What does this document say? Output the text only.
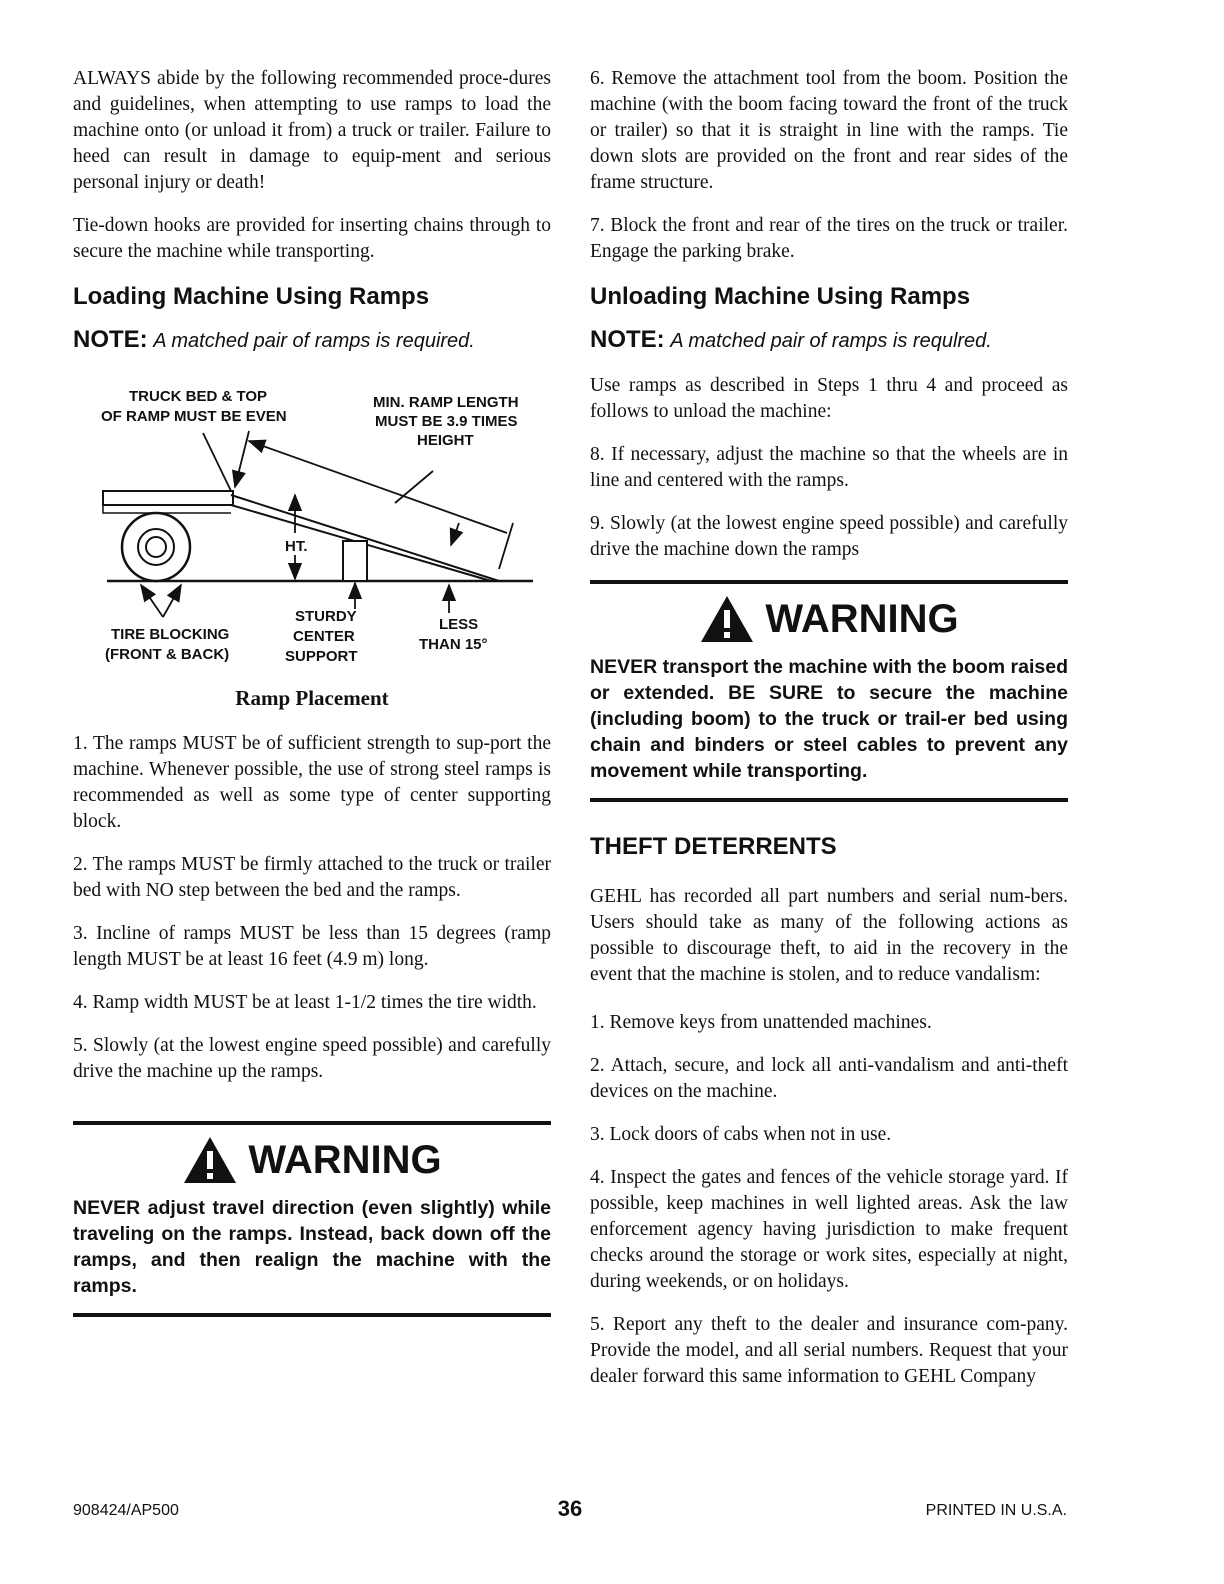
ALWAYS abide by the following recommended proce-dures and guidelines, when attempting to use ramps to load the machine onto (or unload it from) a truck or trailer. Failure to heed can result in damage to equip-ment and serious personal injury or death!

Tie-down hooks are provided for inserting chains through to secure the machine while transporting.

Loading Machine Using Ramps
NOTE: A matched pair of ramps is required.
HT.
TRUCK BED & TOP
OF RAMP MUST BE EVEN
MIN. RAMP LENGTH
MUST BE 3.9 TIMES
HEIGHT
STURDY
CENTER
SUPPORT
TIRE BLOCKING
(FRONT & BACK)
LESS
THAN 15°
Ramp Placement

1. The ramps MUST be of sufficient strength to sup-port the machine. Whenever possible, the use of strong steel ramps is recommended as well as some type of center supporting block.

2. The ramps MUST be firmly attached to the truck or trailer bed with NO step between the bed and the ramps.

3. Incline of ramps MUST be less than 15 degrees (ramp length MUST be at least 16 feet (4.9 m) long.

4. Ramp width MUST be at least 1-1/2 times the tire width.

5. Slowly (at the lowest engine speed possible) and carefully drive the machine up the ramps.

WARNING

NEVER adjust travel direction (even slightly) while traveling on the ramps. Instead, back down off the ramps, and then realign the machine with the ramps.

6. Remove the attachment tool from the boom. Position the machine (with the boom facing toward the front of the truck or trailer) so that it is straight in line with the ramps. Tie down slots are provided on the front and rear sides of the frame structure.

7. Block the front and rear of the tires on the truck or trailer. Engage the parking brake.

Unloading Machine Using Ramps
NOTE: A matched pair of ramps is requlred.

Use ramps as described in Steps 1 thru 4 and proceed as follows to unload the machine:

8. If necessary, adjust the machine so that the wheels are in line and centered with the ramps.

9. Slowly (at the lowest engine speed possible) and carefully drive the machine down the ramps

WARNING

NEVER transport the machine with the boom raised or extended. BE SURE to secure the machine (including boom) to the truck or trail-er bed using chain and binders or steel cables to prevent any movement while transporting.

THEFT DETERRENTS

GEHL has recorded all part numbers and serial num-bers. Users should take as many of the following actions as possible to discourage theft, to aid in the recovery in the event that the machine is stolen, and to reduce vandalism:

1. Remove keys from unattended machines.

2. Attach, secure, and lock all anti-vandalism and anti-theft devices on the machine.

3. Lock doors of cabs when not in use.

4. Inspect the gates and fences of the vehicle storage yard. If possible, keep machines in well lighted areas. Ask the law enforcement agency having jurisdiction to make frequent checks around the storage or work sites, especially at night, during weekends, or on holidays.

5. Report any theft to the dealer and insurance com-pany. Provide the model, and all serial numbers. Request that your dealer forward this same information to GEHL Company

908424/AP500	36	PRINTED IN U.S.A.
